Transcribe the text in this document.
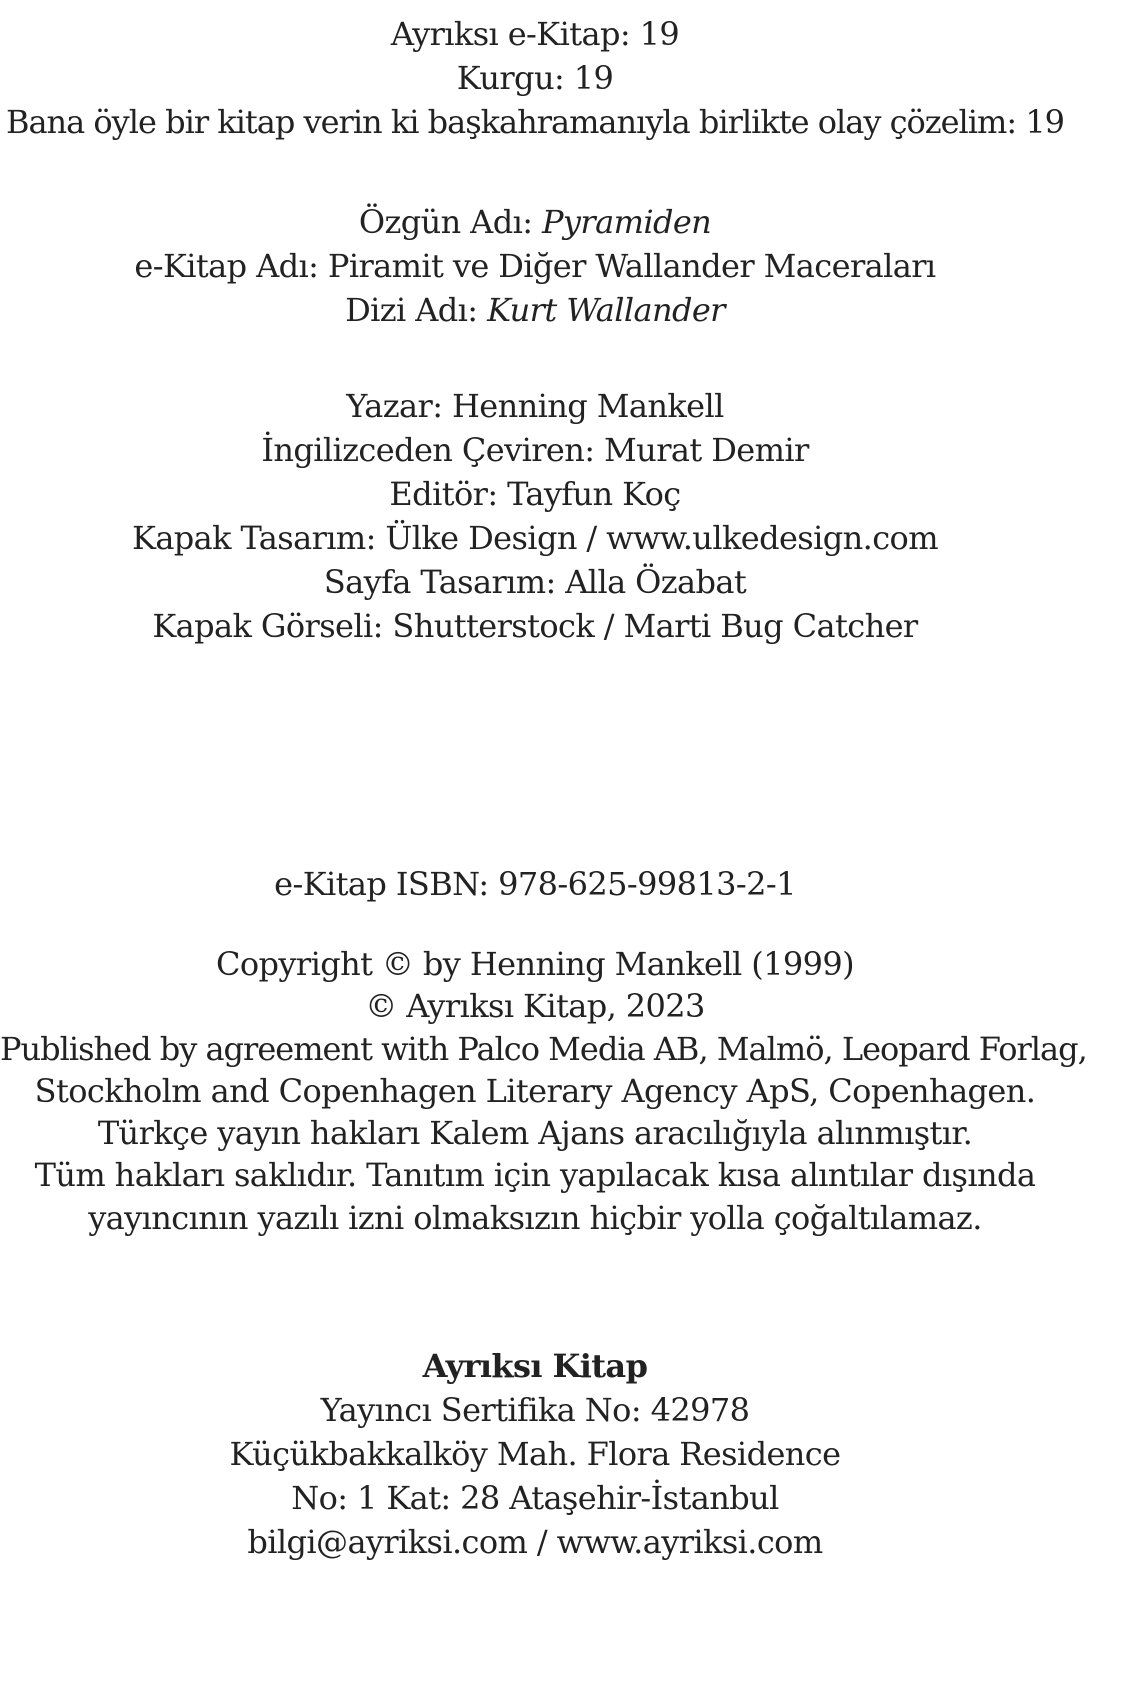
Ayrıksı e-Kitap: 19
Kurgu: 19
Bana öyle bir kitap verin ki başkahramanıyla birlikte olay çözelim: 19
Özgün Adı: Pyramiden
e-Kitap Adı: Piramit ve Diğer Wallander Maceraları
Dizi Adı: Kurt Wallander
Yazar: Henning Mankell
İngilizceden Çeviren: Murat Demir
Editör: Tayfun Koç
Kapak Tasarım: Ülke Design / www.ulkedesign.com
Sayfa Tasarım: Alla Özabat
Kapak Görseli: Shutterstock / Marti Bug Catcher
e-Kitap ISBN: 978-625-99813-2-1
Copyright © by Henning Mankell (1999)
© Ayrıksı Kitap, 2023
Published by agreement with Palco Media AB, Malmö, Leopard Forlag,
Stockholm and Copenhagen Literary Agency ApS, Copenhagen.
Türkçe yayın hakları Kalem Ajans aracılığıyla alınmıştır.
Tüm hakları saklıdır. Tanıtım için yapılacak kısa alıntılar dışında
yayıncının yazılı izni olmaksızın hiçbir yolla çoğaltılamaz.
Ayrıksı Kitap
Yayıncı Sertifika No: 42978
Küçükbakkalköy Mah. Flora Residence
No: 1 Kat: 28 Ataşehir-İstanbul
bilgi@ayriksi.com / www.ayriksi.com
